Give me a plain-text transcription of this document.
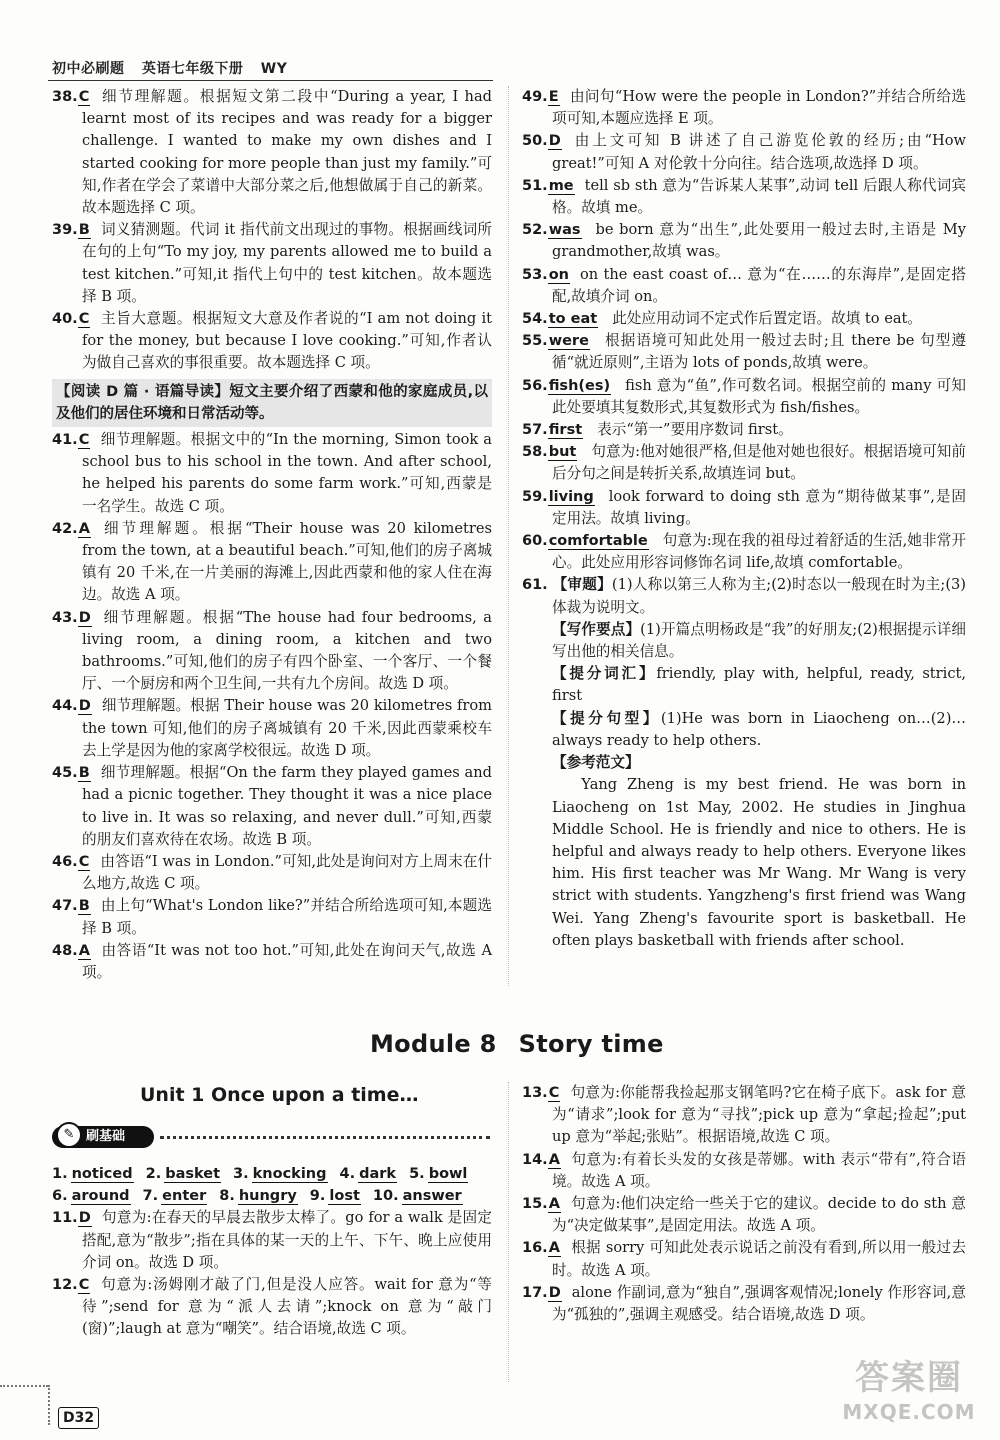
初中必刷题 英语七年级下册 WY

38.C 细节理解题。根据短文第二段中“During a year, I had learnt most of its recipes and was ready for a bigger challenge. I wanted to make my own dishes and I started cooking for more people than just my family.”可知,作者在学会了菜谱中大部分菜之后,他想做属于自己的新菜。故本题选择 C 项。

39.B 词义猜测题。代词 it 指代前文出现过的事物。根据画线词所在句的上句“To my joy, my parents allowed me to build a test kitchen.”可知,it 指代上句中的 test kitchen。故本题选择 B 项。

40.C 主旨大意题。根据短文大意及作者说的“I am not doing it for the money, but because I love cooking.”可知,作者认为做自己喜欢的事很重要。故本题选择 C 项。

【阅读 D 篇 · 语篇导读】短文主要介绍了西蒙和他的家庭成员,以及他们的居住环境和日常活动等。

41.C 细节理解题。根据文中的“In the morning, Simon took a school bus to his school in the town. And after school, he helped his parents do some farm work.”可知,西蒙是一名学生。故选 C 项。

42.A 细节理解题。根据“Their house was 20 kilometres from the town, at a beautiful beach.”可知,他们的房子离城镇有 20 千米,在一片美丽的海滩上,因此西蒙和他的家人住在海边。故选 A 项。

43.D 细节理解题。根据“The house had four bedrooms, a living room, a dining room, a kitchen and two bathrooms.”可知,他们的房子有四个卧室、一个客厅、一个餐厅、一个厨房和两个卫生间,一共有九个房间。故选 D 项。

44.D 细节理解题。根据 Their house was 20 kilometres from the town 可知,他们的房子离城镇有 20 千米,因此西蒙乘校车去上学是因为他的家离学校很远。故选 D 项。

45.B 细节理解题。根据“On the farm they played games and had a picnic together. They thought it was a nice place to live in. It was so relaxing, and never dull.”可知,西蒙的朋友们喜欢待在农场。故选 B 项。

46.C 由答语“I was in London.”可知,此处是询问对方上周末在什么地方,故选 C 项。

47.B 由上句“What's London like?”并结合所给选项可知,本题选择 B 项。

48.A 由答语“It was not too hot.”可知,此处在询问天气,故选 A 项。

49.E 由问句“How were the people in London?”并结合所给选项可知,本题应选择 E 项。

50.D 由上文可知 B 讲述了自己游览伦敦的经历;由“How great!”可知 A 对伦敦十分向往。结合选项,故选择 D 项。

51.me tell sb sth 意为“告诉某人某事”,动词 tell 后跟人称代词宾格。故填 me。

52.was be born 意为“出生”,此处要用一般过去时,主语是 My grandmother,故填 was。

53.on on the east coast of… 意为“在……的东海岸”,是固定搭配,故填介词 on。

54.to eat 此处应用动词不定式作后置定语。故填 to eat。

55.were 根据语境可知此处用一般过去时;且 there be 句型遵循“就近原则”,主语为 lots of ponds,故填 were。

56.fish(es) fish 意为“鱼”,作可数名词。根据空前的 many 可知此处要填其复数形式,其复数形式为 fish/fishes。

57.first 表示“第一”要用序数词 first。

58.but 句意为:他对她很严格,但是他对她也很好。根据语境可知前后分句之间是转折关系,故填连词 but。

59.living look forward to doing sth 意为“期待做某事”,是固定用法。故填 living。

60.comfortable 句意为:现在我的祖母过着舒适的生活,她非常开心。此处应用形容词修饰名词 life,故填 comfortable。

61. 【审题】(1)人称以第三人称为主;(2)时态以一般现在时为主;(3)体裁为说明文。

【写作要点】(1)开篇点明杨政是“我”的好朋友;(2)根据提示详细写出他的相关信息。

【提分词汇】friendly, play with, helpful, ready, strict, first

【提分句型】(1)He was born in Liaocheng on…(2)… always ready to help others.

【参考范文】

Yang Zheng is my best friend. He was born in Liaocheng on 1st May, 2002. He studies in Jinghua Middle School. He is friendly and nice to others. He is helpful and always ready to help others. Everyone likes him. His first teacher was Mr Wang. Mr Wang is very strict with students. Yangzheng's first friend was Wang Wei. Yang Zheng's favourite sport is basketball. He often plays basketball with friends after school.

Module 8 Story time
Unit 1 Once upon a time…
✎ 刷基础

1. noticed 2. basket 3. knocking 4. dark 5. bowl

6. around 7. enter 8. hungry 9. lost 10. answer

11.D 句意为:在春天的早晨去散步太棒了。go for a walk 是固定搭配,意为“散步”;指在具体的某一天的上午、下午、晚上应使用介词 on。故选 D 项。

12.C 句意为:汤姆刚才敲了门,但是没人应答。wait for 意为“等待”;send for 意为“派人去请”;knock on 意为“敲门(窗)”;laugh at 意为“嘲笑”。结合语境,故选 C 项。

13.C 句意为:你能帮我捡起那支钢笔吗?它在椅子底下。ask for 意为“请求”;look for 意为“寻找”;pick up 意为“拿起;捡起”;put up 意为“举起;张贴”。根据语境,故选 C 项。

14.A 句意为:有着长头发的女孩是蒂娜。with 表示“带有”,符合语境。故选 A 项。

15.A 句意为:他们决定给一些关于它的建议。decide to do sth 意为“决定做某事”,是固定用法。故选 A 项。

16.A 根据 sorry 可知此处表示说话之前没有看到,所以用一般过去时。故选 A 项。

17.D alone 作副词,意为“独自”,强调客观情况;lonely 作形容词,意为“孤独的”,强调主观感受。结合语境,故选 D 项。

D32
答案圈
MXQE.COM
